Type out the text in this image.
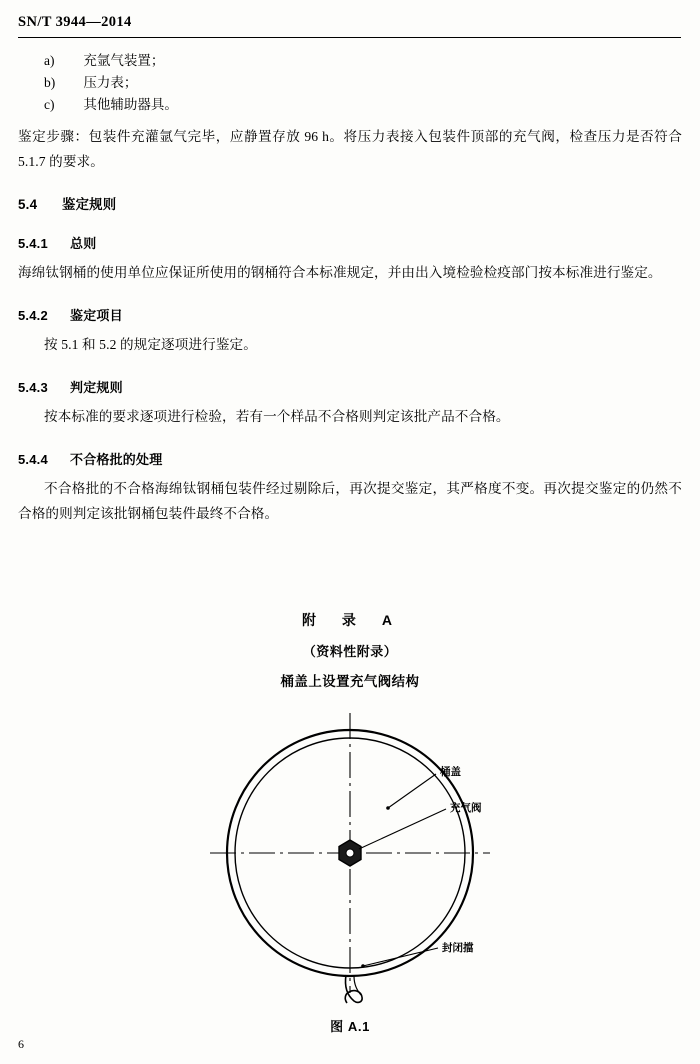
SN/T 3944—2014
a) 充氩气装置；
b) 压力表；
c) 其他辅助器具。
鉴定步骤：包装件充灌氩气完毕，应静置存放 96 h。将压力表接入包装件顶部的充气阀，检查压力是否符合 5.1.7 的要求。
5.4 鉴定规则
5.4.1 总则
海绵钛钢桶的使用单位应保证所使用的钢桶符合本标准规定，并由出入境检验检疫部门按本标准进行鉴定。
5.4.2 鉴定项目
按 5.1 和 5.2 的规定逐项进行鉴定。
5.4.3 判定规则
按本标准的要求逐项进行检验，若有一个样品不合格则判定该批产品不合格。
5.4.4 不合格批的处理
不合格批的不合格海绵钛钢桶包装件经过剔除后，再次提交鉴定，其严格度不变。再次提交鉴定的仍然不合格的则判定该批钢桶包装件最终不合格。
附　录　A
（资料性附录）
桶盖上设置充气阀结构
桶盖
充气阀
封闭擋
图 A.1
6
